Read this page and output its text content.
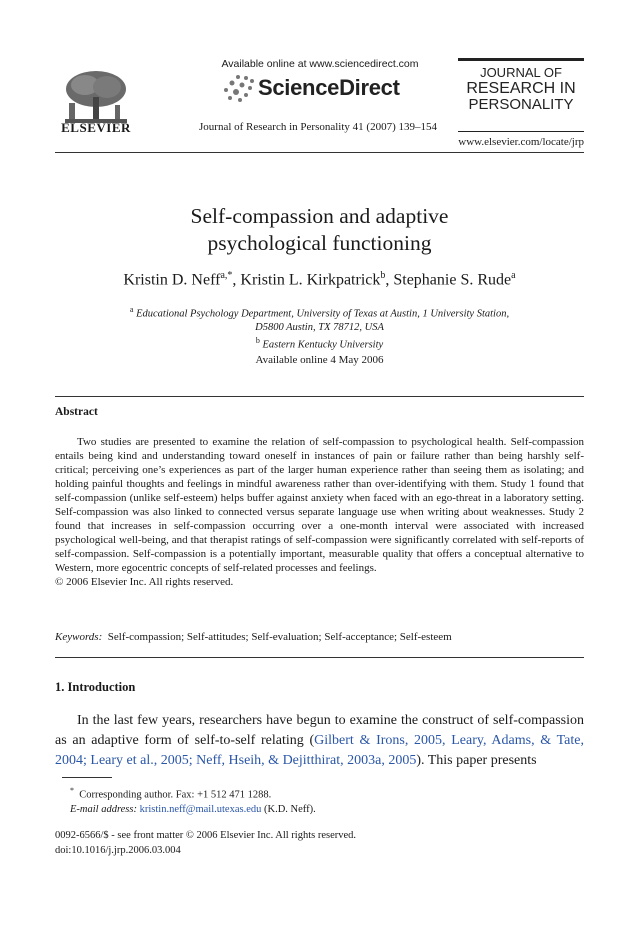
ELSEVIER
Available online at www.sciencedirect.com
ScienceDirect
Journal of Research in Personality 41 (2007) 139–154
JOURNAL OF
RESEARCH IN
PERSONALITY
www.elsevier.com/locate/jrp
Self-compassion and adaptive
psychological functioning
Kristin D. Neff$^{a,*}$, Kristin L. Kirkpatrick$^b$, Stephanie S. Rude$^a$
$^a$ Educational Psychology Department, University of Texas at Austin, 1 University Station,
D5800 Austin, TX 78712, USA
$^b$ Eastern Kentucky University
Available online 4 May 2006
Abstract
Two studies are presented to examine the relation of self-compassion to psychological health. Self-compassion entails being kind and understanding toward oneself in instances of pain or failure rather than being harshly self-critical; perceiving one’s experiences as part of the larger human experience rather than seeing them as isolating; and holding painful thoughts and feelings in mindful awareness rather than over-identifying with them. Study 1 found that self-compassion (unlike self-esteem) helps buffer against anxiety when faced with an ego-threat in a laboratory setting. Self-compassion was also linked to connected versus separate language use when writing about weaknesses. Study 2 found that increases in self-compassion occurring over a one-month interval were associated with increased psychological well-being, and that therapist ratings of self-compassion were significantly correlated with self-reports of self-compassion. Self-compassion is a potentially important, measurable quality that offers a conceptual alternative to Western, more egocentric concepts of self-related processes and feelings.
© 2006 Elsevier Inc. All rights reserved.
Keywords: Self-compassion; Self-attitudes; Self-evaluation; Self-acceptance; Self-esteem
1. Introduction
In the last few years, researchers have begun to examine the construct of self-compassion as an adaptive form of self-to-self relating (Gilbert & Irons, 2005, Leary, Adams, & Tate, 2004; Leary et al., 2005; Neff, Hseih, & Dejitthirat, 2003a, 2005). This paper presents
* Corresponding author. Fax: +1 512 471 1288.
E-mail address: kristin.neff@mail.utexas.edu (K.D. Neff).
0092-6566/$ - see front matter © 2006 Elsevier Inc. All rights reserved.
doi:10.1016/j.jrp.2006.03.004
